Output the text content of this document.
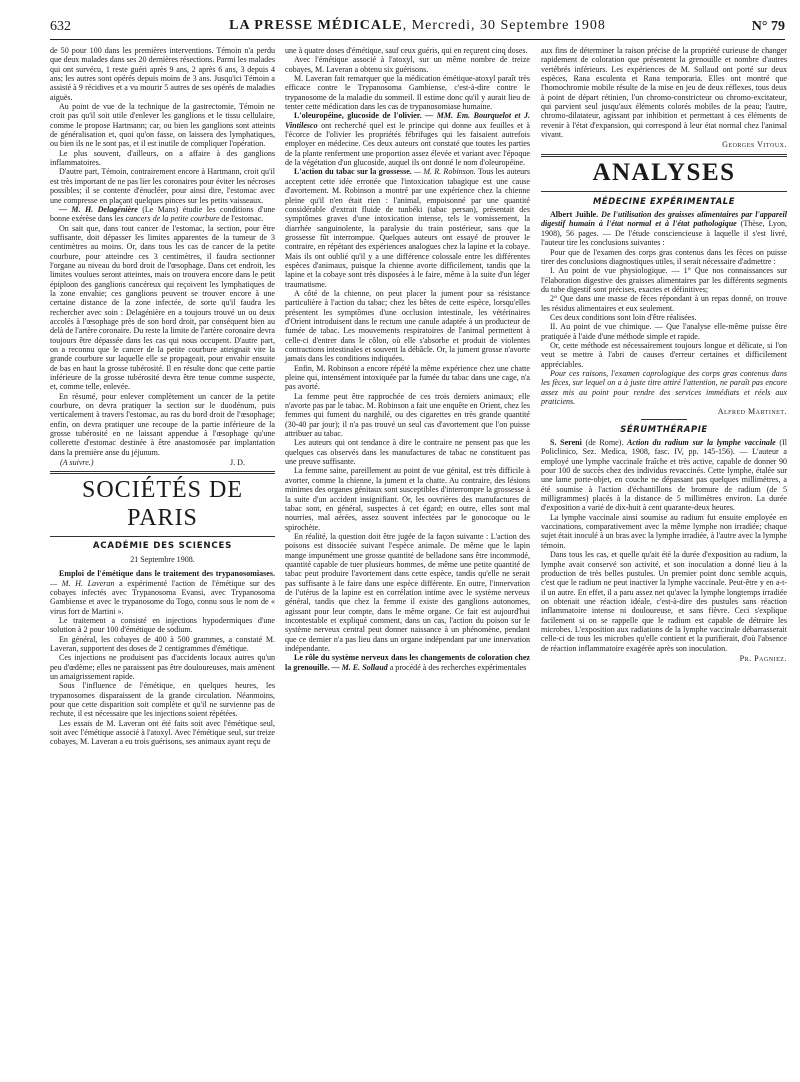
632	LA PRESSE MÉDICALE, Mercredi, 30 Septembre 1908	N° 79

de 50 pour 100 dans les premières interventions. Témoin n'a perdu que deux malades dans ses 20 dernières résections. Parmi les malades qui ont survécu, 1 reste guéri après 9 ans, 2 après 6 ans, 3 depuis 4 ans; les autres sont opérés depuis moins de 3 ans. Jusqu'ici Témoin a assisté à 9 récidives et a vu mourir 5 autres de ses opérés de maladies aiguës.

Au point de vue de la technique de la gastrectomie, Témoin ne croit pas qu'il soit utile d'enlever les ganglions et le tissu cellulaire, comme le propose Hartmann; car, ou bien les ganglions sont atteints de généralisation et, quoi qu'on fasse, on laissera des lymphatiques, ou bien ils ne le sont pas, et il est inutile de compliquer l'opération.

Le plus souvent, d'ailleurs, on a affaire à des ganglions inflammatoires.

D'autre part, Témoin, contrairement encore à Hartmann, croit qu'il est très important de ne pas lier les coronaires pour éviter les nécroses possibles; il se contente d'énucléer, pour ainsi dire, l'estomac avec une compresse en plaçant quelques pinces sur les petits vaisseaux.

— M. H. Delagénière (Le Mans) étudie les conditions d'une bonne exérèse dans les cancers de la petite courbure de l'estomac.

On sait que, dans tout cancer de l'estomac, la section, pour être suffisante, doit dépasser les limites apparentes de la tumeur de 3 centimètres au moins. Or, dans tous les cas de cancer de la petite courbure, pour atteindre ces 3 centimètres, il faudra sectionner l'organe au niveau du bord droit de l'œsophage. Dans cet endroit, les limites voulues seront atteintes, mais on trouvera encore dans le petit épiploon des ganglions cancéreux qui reçoivent les lymphatiques de la zone envahie; ces ganglions peuvent se trouver encore à une certaine distance de la zone infectée, de sorte qu'il faudra les rechercher avec soin : Delagénière en a toujours trouvé un ou deux accolés à l'œsophage près de son bord droit, par conséquent bien au delà de l'artère coronaire. Du reste la limite de l'artère coronaire devra toujours être dépassée dans les cas qui nous occupent. D'autre part, on a reconnu que le cancer de la petite courbure atteignait vite la grande courbure sur laquelle elle se propageait, pour envahir ensuite de bas en haut la grosse tubérosité. Il en résulte donc que cette partie inférieure de la grosse tubérosité devra être tenue comme suspecte, et, comme telle, enlevée.

En résumé, pour enlever complètement un cancer de la petite courbure, on devra pratiquer la section sur le duodénum, puis verticalement à travers l'estomac, au ras du bord droit de l'œsophage; enfin, on devra pratiquer une recoupe de la partie inférieure de la grosse tubérosité en ne laissant appendue à l'œsophage qu'une collerette d'estomac destinée à être anastomosée par implantation dans la première anse du jéjunum.

(A suivre.)	J. D.
SOCIÉTÉS DE PARIS
ACADÉMIE DES SCIENCES
21 Septembre 1908.

Emploi de l'émétique dans le traitement des trypanosomiases. — M. H. Laveran a expérimenté l'action de l'émétique sur des cobayes infectés avec Trypanosoma Evansi, avec Trypanosoma Gambiense et avec le trypanosome du Togo, connu sous le nom de « virus fort de Martini ».

Le traitement a consisté en injections hypodermiques d'une solution à 2 pour 100 d'émétique de sodium.

En général, les cobayes de 400 à 500 grammes, a constaté M. Laveran, supportent des doses de 2 centigrammes d'émétique.

Ces injections ne produisent pas d'accidents locaux autres qu'un peu d'œdème; elles ne paraissent pas être douloureuses, mais amènent un amaigrissement rapide.

Sous l'influence de l'émétique, en quelques heures, les trypanosomes disparaissent de la grande circulation. Néanmoins, pour que cette disparition soit complète et qu'il ne survienne pas de rechute, il est nécessaire que les injections soient répétées.

Les essais de M. Laveran ont été faits soit avec l'émétique seul, soit avec l'émétique associé à l'atoxyl. Avec l'émétique seul, sur treize cobayes, M. Laveran a eu trois guérisons, ses animaux ayant reçu de

une à quatre doses d'émétique, sauf ceux guéris, qui en reçurent cinq doses.

Avec l'émétique associé à l'atoxyl, sur un même nombre de treize cobayes, M. Laveran a obtenu six guérisons.

M. Laveran fait remarquer que la médication émétique-atoxyl paraît très efficace contre le Trypanosoma Gambiense, c'est-à-dire contre le trypanosome de la maladie du sommeil. Il estime donc qu'il y aurait lieu de tenter cette médication dans les cas de trypanosomiase humaine.

L'oleuropéine, glucoside de l'olivier. — MM. Em. Bourquelot et J. Vintilesco ont recherché quel est le principe qui donne aux feuilles et à l'écorce de l'olivier les propriétés fébrifuges qui les faisaient autrefois employer en médecine. Ces deux auteurs ont constaté que toutes les parties de la plante renferment une proportion assez élevée et variant avec l'époque de la végétation d'un glucoside, auquel ils ont donné le nom d'oleuropéine.

L'action du tabac sur la grossesse. — M. R. Robinson. Tous les auteurs acceptent cette idée erronée que l'intoxication tabagique est une cause d'avortement. M. Robinson a montré par une expérience chez la chienne pleine qu'il n'en était rien : l'animal, empoisonné par une quantité considérable d'extrait fluide de tunbéki (tabac persan), présentait des symptômes graves d'une intoxication intense, tels le vomissement, la diarrhée sanguinolente, la paralysie du train postérieur, sans que la grossesse fût interrompue. Quelques auteurs ont essayé de prouver le contraire, en répétant des expériences analogues chez la lapine et la cobaye. Mais ils ont oublié qu'il y a une différence colossale entre les différentes espèces d'animaux, puisque la chienne avorte difficilement, tandis que la lapine et la cobaye sont très disposées à le faire, même à la suite d'un léger traumatisme.

A côté de la chienne, on peut placer la jument pour sa résistance particulière à l'action du tabac; chez les bêtes de cette espèce, lorsqu'elles présentent les symptômes d'une occlusion intestinale, les vétérinaires d'Orient introduisent dans le rectum une canule adaptée à un producteur de fumée de tabac. Les mouvements respiratoires de l'animal permettent à celle-ci d'entrer dans le côlon, où elle s'absorbe et produit de violentes contractions intestinales et souvent la débâcle. Or, la jument grosse n'avorte jamais dans les conditions indiquées.

Enfin, M. Robinson a encore répété la même expérience chez une chatte pleine qui, intensément intoxiquée par la fumée du tabac dans une cage, n'a pas avorté.

La femme peut être rapprochée de ces trois derniers animaux; elle n'avorte pas par le tabac. M. Robinson a fait une enquête en Orient, chez les femmes qui fument du narghilé, ou des cigarettes en très grande quantité (30-40 par jour); il n'a pas trouvé un seul cas d'avortement que l'on puisse attribuer au tabac.

Les auteurs qui ont tendance à dire le contraire ne pensent pas que les quelques cas observés dans les manufactures de tabac ne constituent pas une preuve suffisante.

La femme saine, pareillement au point de vue génital, est très difficile à avorter, comme la chienne, la jument et la chatte. Au contraire, des lésions minimes des organes génitaux sont susceptibles d'interrompre la grossesse à la suite d'un accident insignifiant. Or, les ouvrières des manufactures de tabac sont, en général, suspectes à cet égard; en outre, elles sont mal nourries, mal aérées, assez souvent infectées par le gonocoque ou le spirochète.

En réalité, la question doit être jugée de la façon suivante : L'action des poisons est dissociée suivant l'espèce animale. De même que le lapin mange impunément une grosse quantité de belladone sans être incommodé, quantité capable de tuer plusieurs hommes, de même une petite quantité de tabac peut produire l'avortement dans cette espèce, tandis qu'elle ne serait pas suffisante à le faire dans une espèce différente. En outre, l'innervation de l'utérus de la lapine est en corrélation intime avec le système nerveux général, tandis que chez la femme il existe des ganglions autonomes, agissant pour leur compte, dans le même organe. Ce fait est aujourd'hui incontestable et expliqué comment, dans un cas, l'action du poison sur le système nerveux central peut donner naissance à un phénomène, pendant que ce dernier n'a pas lieu dans un organe indépendant par une innervation indépendante.

Le rôle du système nerveux dans les changements de coloration chez la grenouille. — M. E. Sollaud a procédé à des recherches expérimentales

aux fins de déterminer la raison précise de la propriété curieuse de changer rapidement de coloration que présentent la grenouille et nombre d'autres vertébrés inférieurs. Les expériences de M. Sollaud ont porté sur deux espèces, Rana esculenta et Rana temporaria. Elles ont montré que l'homochromie mobile résulte de la mise en jeu de deux réflexes, tous deux à point de départ rétinien, l'un chromo-constricteur ou chromo-excitateur, qui parvient seul jusqu'aux éléments colorés mobiles de la peau; l'autre, chromo-dilatateur, agissant par inhibition et permettant à ces éléments de revenir à l'état d'expansion, qui correspond à leur état normal chez l'animal vivant.

Georges Vitoux.
ANALYSES
MÉDECINE EXPÉRIMENTALE

Albert Juihle. De l'utilisation des graisses alimentaires par l'appareil digestif humain à l'état normal et à l'état pathologique (Thèse, Lyon, 1908), 56 pages. — De l'étude consciencieuse à laquelle il s'est livré, l'auteur tire les conclusions suivantes :

Pour que de l'examen des corps gras contenus dans les fèces on puisse tirer des conclusions diagnostiques utiles, il serait nécessaire d'admettre :

I. Au point de vue physiologique. — 1° Que nos connaissances sur l'élaboration digestive des graisses alimentaires par les différents segments du tube digestif sont précises, exactes et définitives;

2° Que dans une masse de fèces répondant à un repas donné, on trouve les résidus alimentaires et eux seulement.

Ces deux conditions sont loin d'être réalisées.

II. Au point de vue chimique. — Que l'analyse elle-même puisse être pratiquée à l'aide d'une méthode simple et rapide.

Or, cette méthode est nécessairement toujours longue et délicate, si l'on veut se mettre à l'abri de causes d'erreur certaines et difficilement appréciables.

Pour ces raisons, l'examen coprologique des corps gras contenus dans les fèces, sur lequel on a à juste titre attiré l'attention, ne paraît pas encore assez mis au point pour rendre des services immédiats et réels aux praticiens.

Alfred Martinet.
SÉRUMTHÉRAPIE

S. Sereni (de Rome). Action du radium sur la lymphe vaccinale (Il Policlinico, Sez. Medica, 1908, fasc. IV, pp. 145-156). — L'auteur a employé une lymphe vaccinale fraîche et très active, capable de donner 90 pour 100 de succès chez des individus revaccinés. Cette lymphe, étalée sur une lame porte-objet, en couche ne dépassant pas quelques millimètres, a été soumise à l'action d'échantillons de bromure de radium (de 5 milligrammes) placés à la distance de 5 millimètres environ. La durée d'exposition a varié de dix-huit à cent quarante-deux heures.

La lymphe vaccinale ainsi soumise au radium fut ensuite employée en vaccinations, comparativement avec la même lymphe non irradiée; chaque sujet était inoculé à un bras avec la lymphe irradiée, à l'autre avec la lymphe témoin.

Dans tous les cas, et quelle qu'ait été la durée d'exposition au radium, la lymphe avait conservé son activité, et son inoculation a donné lieu à la production de très belles pustules. Un premier point donc semble acquis, c'est que le radium ne peut inactiver la lymphe vaccinale. Peut-être y en a-t-il un autre. En effet, il a paru assez net qu'avec la lymphe longtemps irradiée on obtenait une réaction idéale, c'est-à-dire des pustules sans réaction inflammatoire intense ni douloureuse, et sans fièvre. Ceci s'explique facilement si on se rappelle que le radium est capable de détruire les microbes. L'exposition aux radiations de la lymphe vaccinale débarrasserait celle-ci de tous les microbes qu'elle contient et la purifierait, d'où l'absence de réaction inflammatoire exagérée après son inoculation.

Pr. Pagniez.
